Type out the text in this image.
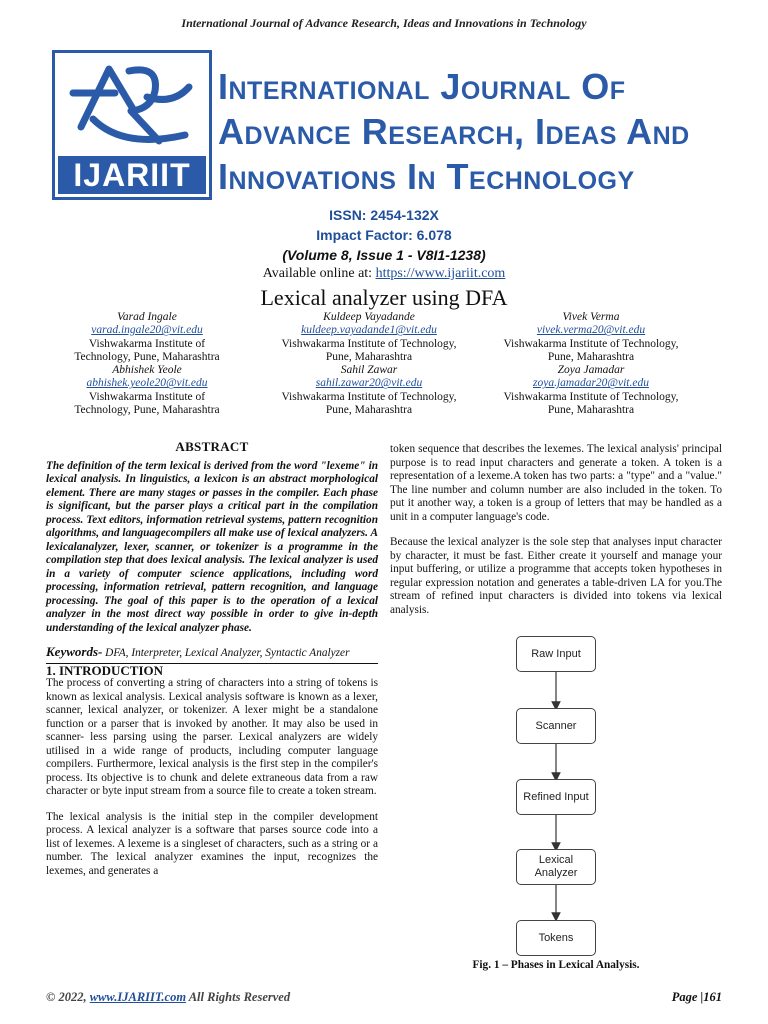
International Journal of Advance Research, Ideas and Innovations in Technology
IJARIIT
International Journal Of
Advance Research, Ideas And
Innovations In Technology
ISSN: 2454-132X
Impact Factor: 6.078
(Volume 8, Issue 1 - V8I1-1238)
Available online at: https://www.ijariit.com
Lexical analyzer using DFA
Varad Ingale
varad.ingale20@vit.edu
Vishwakarma Institute of
Technology, Pune, Maharashtra
Kuldeep Vayadande
kuldeep.vayadande1@vit.edu
Vishwakarma Institute of Technology,
Pune, Maharashtra
Vivek Verma
vivek.verma20@vit.edu
Vishwakarma Institute of Technology,
Pune, Maharashtra
Abhishek Yeole
abhishek.yeole20@vit.edu
Vishwakarma Institute of
Technology, Pune, Maharashtra
Sahil Zawar
sahil.zawar20@vit.edu
Vishwakarma Institute of Technology,
Pune, Maharashtra
Zoya Jamadar
zoya.jamadar20@vit.edu
Vishwakarma Institute of Technology,
Pune, Maharashtra
ABSTRACT
The definition of the term lexical is derived from the word "lexeme" in lexical analysis. In linguistics, a lexicon is an abstract morphological element. There are many stages or passes in the compiler. Each phase is significant, but the parser plays a critical part in the compilation process. Text editors, information retrieval systems, pattern recognition algorithms, and languagecompilers all make use of lexical analyzers. A lexicalanalyzer, lexer, scanner, or tokenizer is a programme in the compilation step that does lexical analysis. The lexical analyzer is used in a variety of computer science applications, including word processing, information retrieval, pattern recognition, and language processing. The goal of this paper is to the operation of a lexical analyzer in the most direct way possible in order to give in-depth understanding of the lexical analyzer phase.
Keywords- DFA, Interpreter, Lexical Analyzer, Syntactic Analyzer
1. INTRODUCTION
The process of converting a string of characters into a string of tokens is known as lexical analysis. Lexical analysis software is known as a lexer, scanner, lexical analyzer, or tokenizer. A lexer might be a standalone function or a parser that is invoked by another. It may also be used in scanner- less parsing using the parser. Lexical analyzers are widely utilised in a wide range of products, including computer language compilers. Furthermore, lexical analysis is the first step in the compiler's process. Its objective is to chunk and delete extraneous data from a raw character or byte input stream from a source file to create a token stream.
The lexical analysis is the initial step in the compiler development process. A lexical analyzer is a software that parses source code into a list of lexemes. A lexeme is a singleset of characters, such as a string or a number. The lexical analyzer examines the input, recognizes the lexemes, and generates a
token sequence that describes the lexemes. The lexical analysis' principal purpose is to read input characters and generate a token. A token is a representation of a lexeme.A token has two parts: a "type" and a "value." The line number and column number are also included in the token. To put it another way, a token is a group of letters that may be handled as a unit in a computer language's code.
Because the lexical analyzer is the sole step that analyses input character by character, it must be fast. Either create it yourself and manage your input buffering, or utilize a programme that accepts token hypotheses in regular expression notation and generates a table-driven LA for you.The stream of refined input characters is divided into tokens via lexical analysis.
Raw Input
Scanner
Refined Input
Lexical Analyzer
Tokens
Fig. 1 – Phases in Lexical Analysis.
© 2022, www.IJARIIT.com All Rights Reserved	Page |161
